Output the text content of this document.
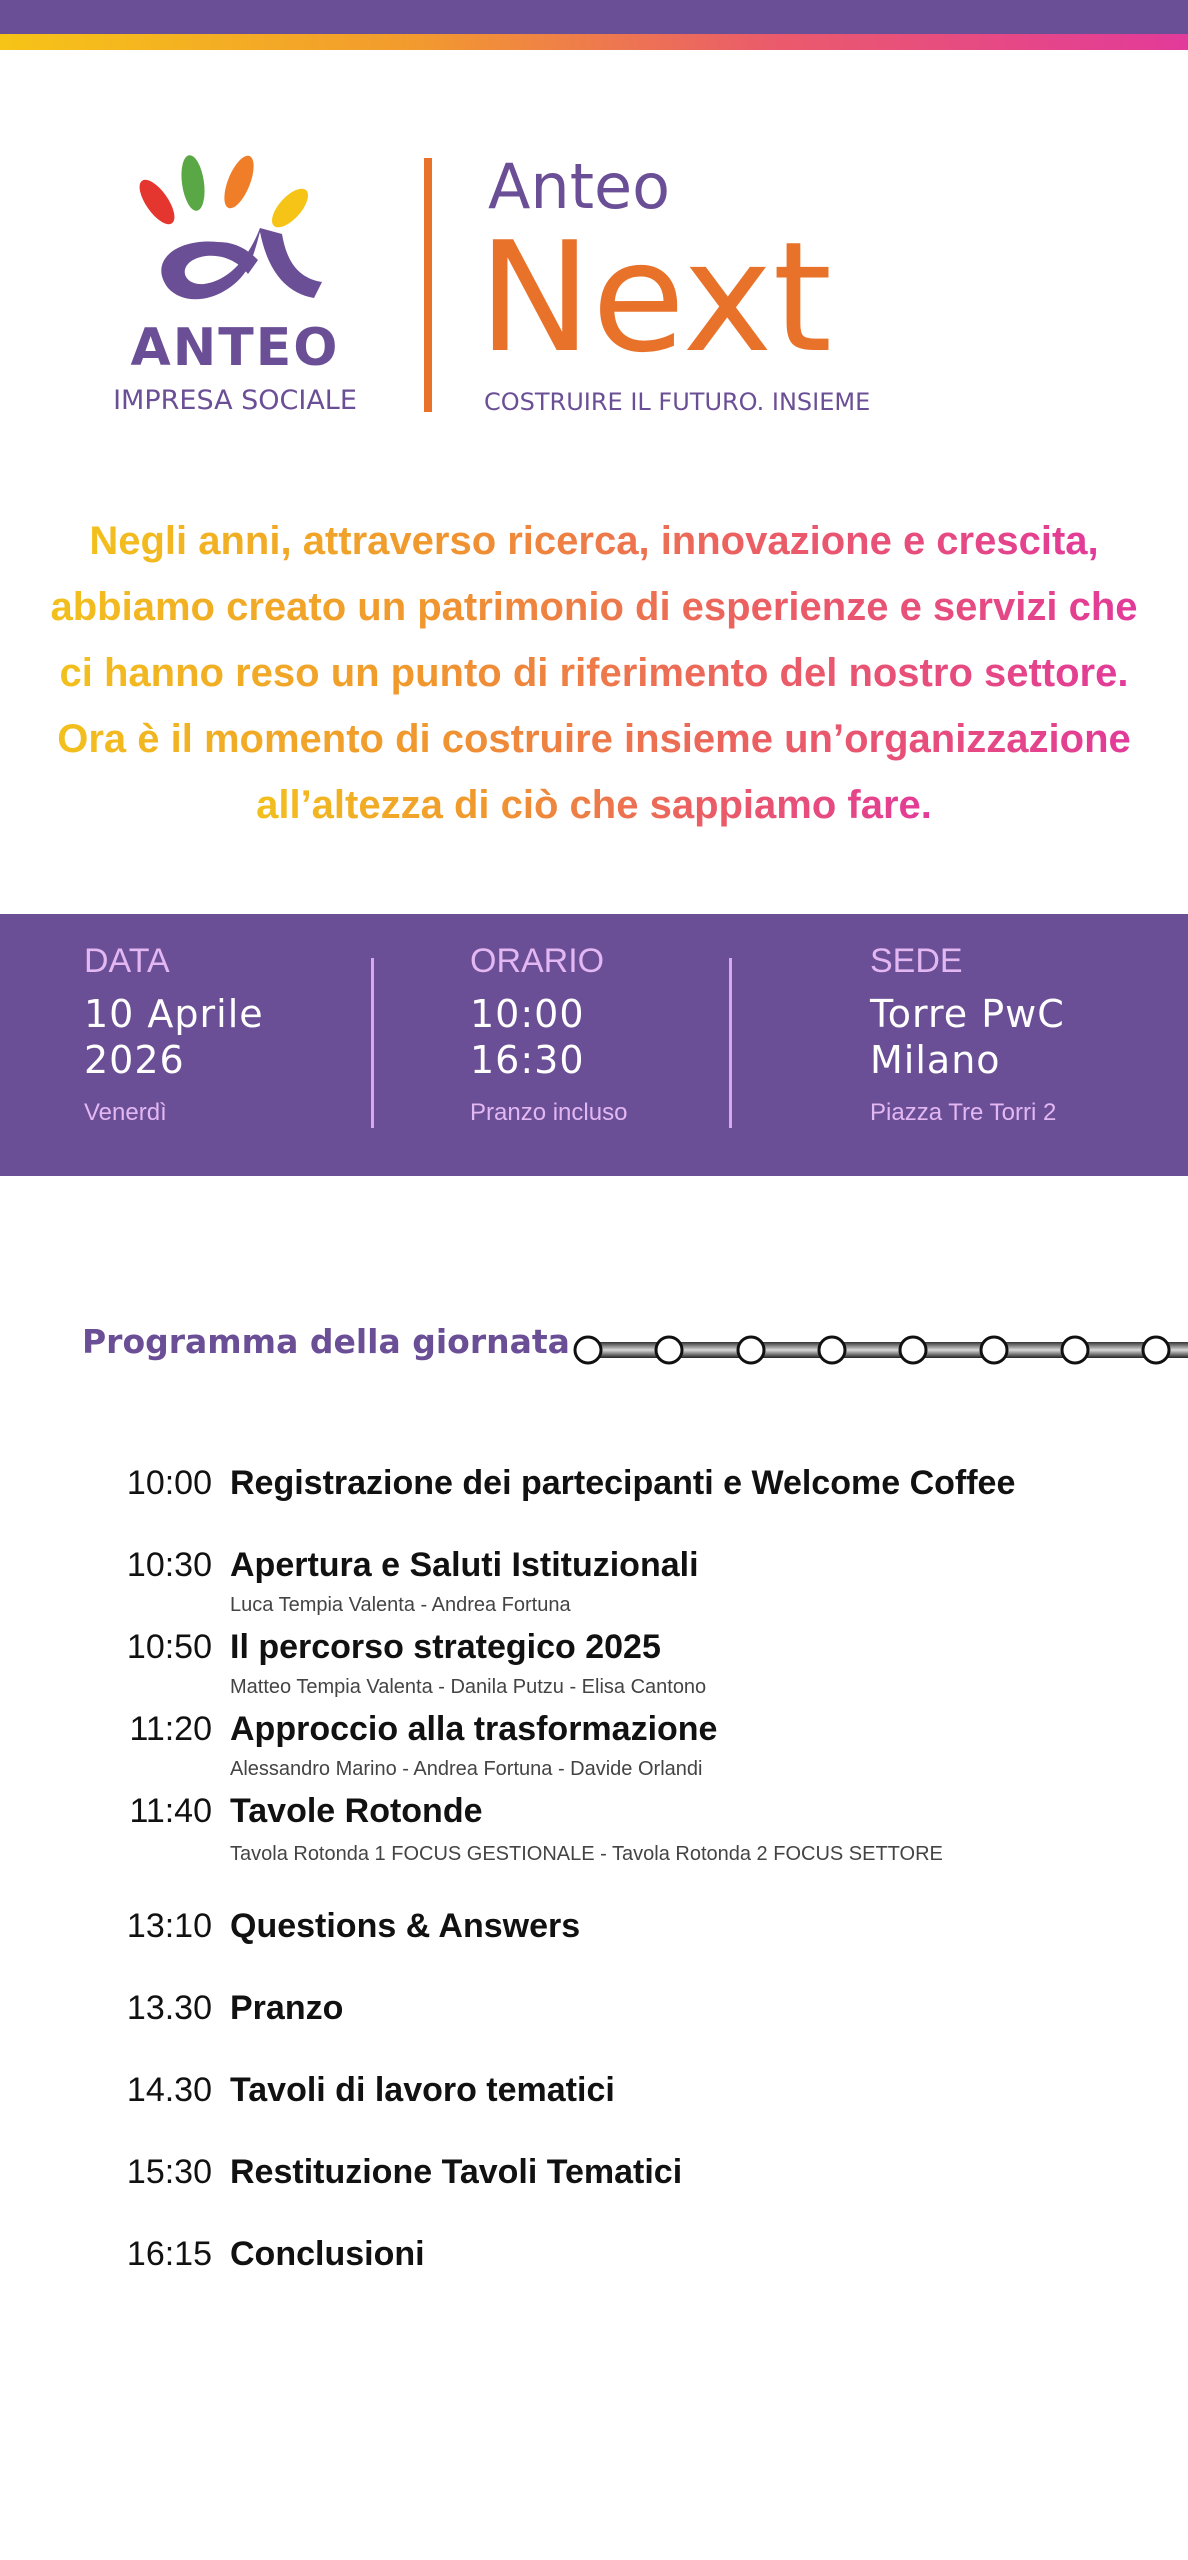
ANTEO
IMPRESA SOCIALE
Anteo
Next
COSTRUIRE IL FUTURO. INSIEME
Negli anni, attraverso ricerca, innovazione e crescita,
abbiamo creato un patrimonio di esperienze e servizi che
ci hanno reso un punto di riferimento del nostro settore.
Ora è il momento di costruire insieme un’organizzazione
all’altezza di ciò che sappiamo fare.
DATA
10 Aprile
2026
Venerdì
ORARIO
10:00
16:30
Pranzo incluso
SEDE
Torre PwC
Milano
Piazza Tre Torri 2
Programma della giornata
10:00 Registrazione dei partecipanti e Welcome Coffee
10:30 Apertura e Saluti Istituzionali
Luca Tempia Valenta - Andrea Fortuna
10:50 Il percorso strategico 2025
Matteo Tempia Valenta - Danila Putzu - Elisa Cantono
11:20 Approccio alla trasformazione
Alessandro Marino - Andrea Fortuna - Davide Orlandi
11:40 Tavole Rotonde
Tavola Rotonda 1 FOCUS GESTIONALE - Tavola Rotonda 2 FOCUS SETTORE
13:10 Questions & Answers
13.30 Pranzo
14.30 Tavoli di lavoro tematici
15:30 Restituzione Tavoli Tematici
16:15 Conclusioni
